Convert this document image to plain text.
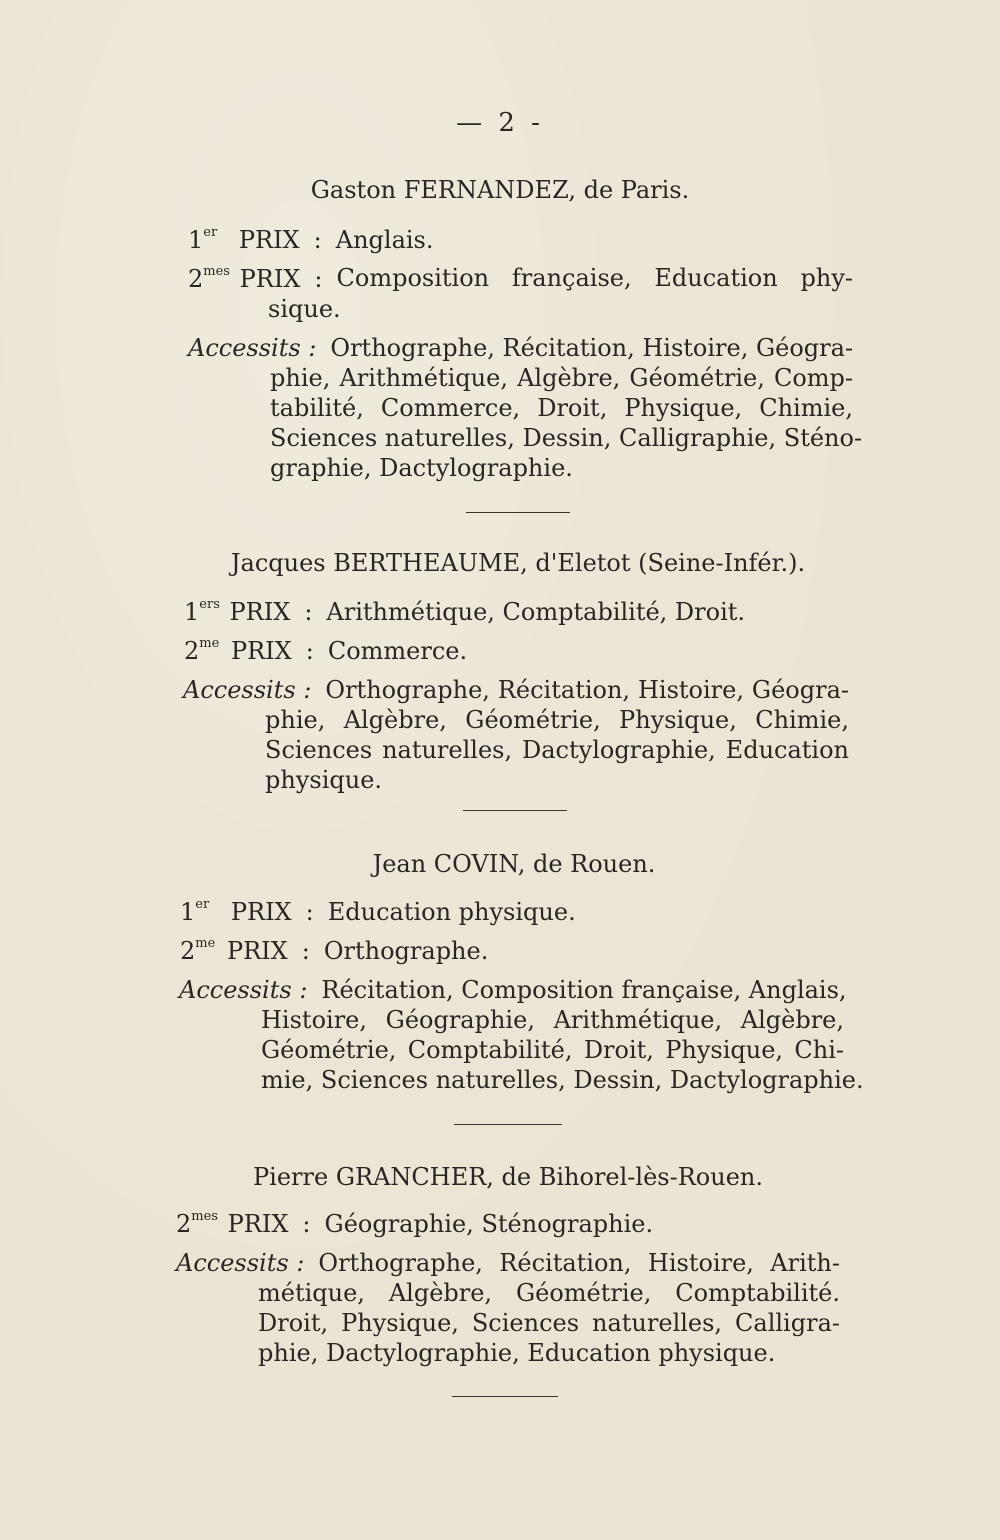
— 2 -
Gaston FERNANDEZ, de Paris.
1er PRIX : Anglais.
$2^{mes}$ PRIX : Composition française, Education phy-
sique.
Accessits : Orthographe, Récitation, Histoire, Géogra-
phie, Arithmétique, Algèbre, Géométrie, Comp-
tabilité, Commerce, Droit, Physique, Chimie,
Sciences naturelles, Dessin, Calligraphie, Sténo-
graphie, Dactylographie.
Jacques BERTHEAUME, d'Eletot (Seine-Infér.).
1ers PRIX : Arithmétique, Comptabilité, Droit.
$2^{me}$ PRIX : Commerce.
Accessits : Orthographe, Récitation, Histoire, Géogra-
phie, Algèbre, Géométrie, Physique, Chimie,
Sciences naturelles, Dactylographie, Education
physique.
Jean COVIN, de Rouen.
1er PRIX : Education physique.
$2^{me}$ PRIX : Orthographe.
Accessits : Récitation, Composition française, Anglais,
Histoire, Géographie, Arithmétique, Algèbre,
Géométrie, Comptabilité, Droit, Physique, Chi-
mie, Sciences naturelles, Dessin, Dactylographie.
Pierre GRANCHER, de Bihorel-lès-Rouen.
$2^{mes}$ PRIX : Géographie, Sténographie.
Accessits : Orthographe, Récitation, Histoire, Arith-
métique, Algèbre, Géométrie, Comptabilité.
Droit, Physique, Sciences naturelles, Calligra-
phie, Dactylographie, Education physique.
